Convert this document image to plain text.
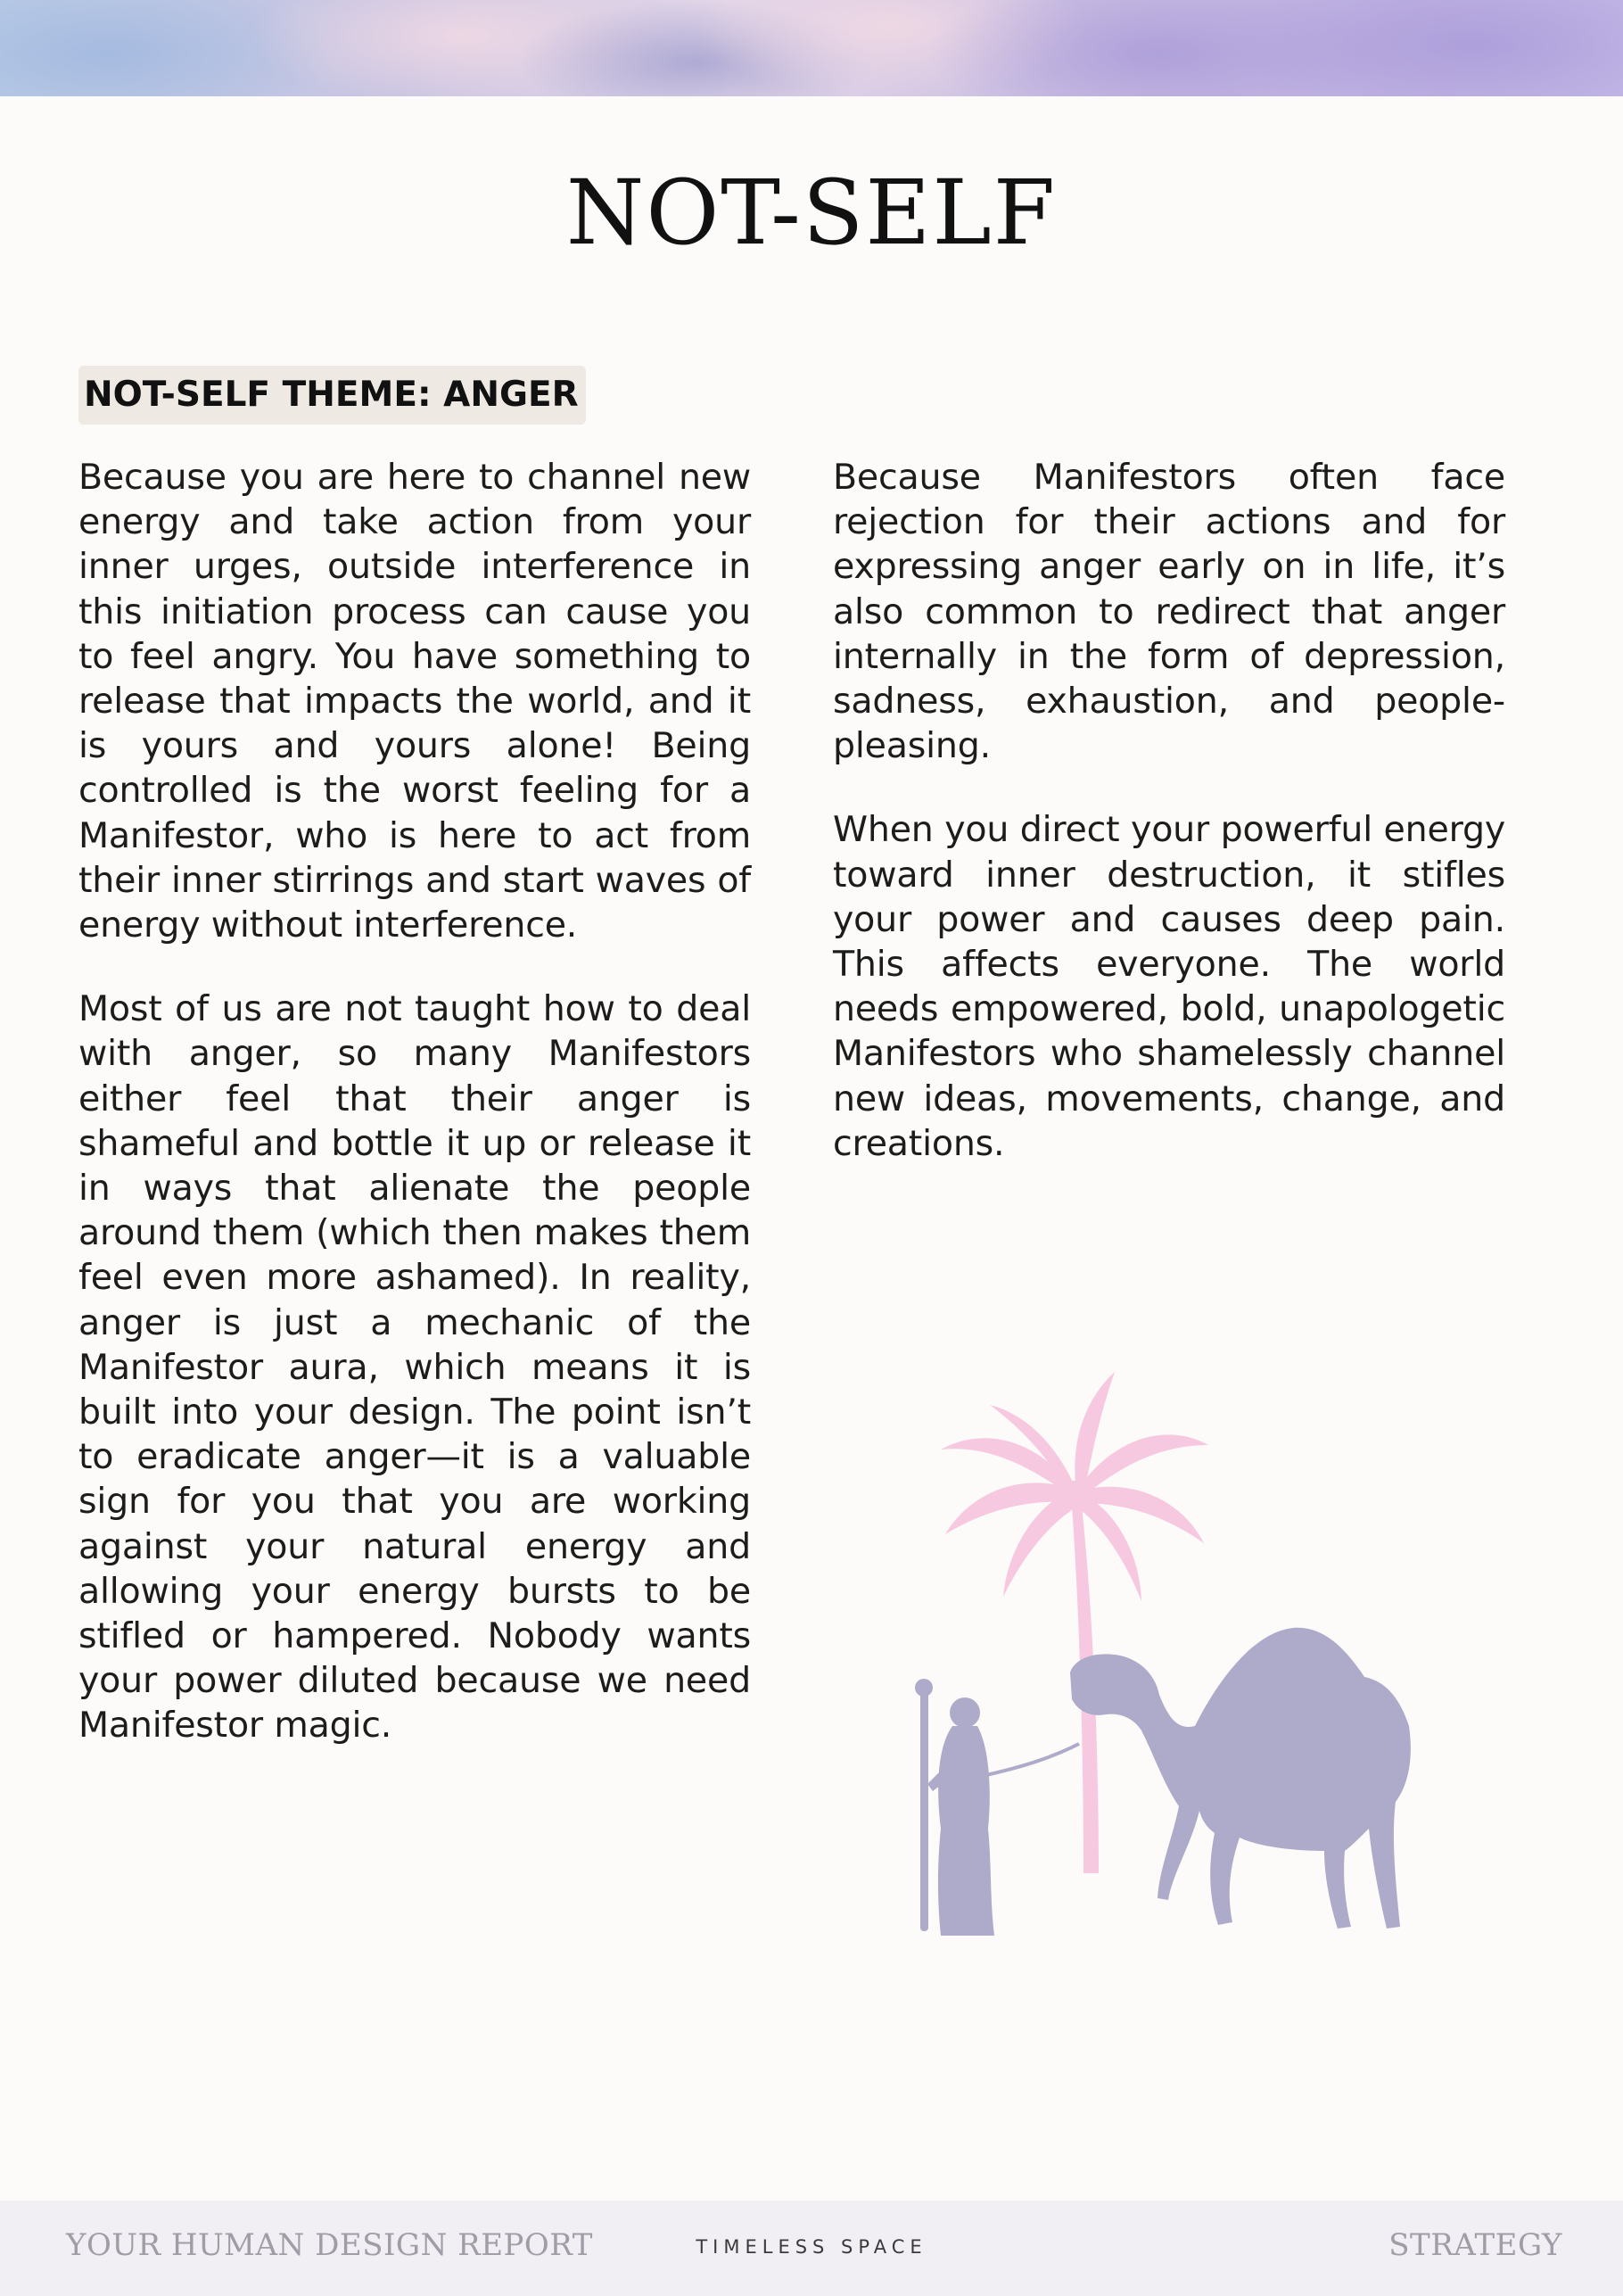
NOT-SELF
NOT-SELF THEME: ANGER

Because you are here to channel new energy and take action from your inner urges, outside interference in this initiation process can cause you to feel angry. You have something to release that impacts the world, and it is yours and yours alone! Being controlled is the worst feeling for a Manifestor, who is here to act from their inner stirrings and start waves of energy without interference.

Most of us are not taught how to deal with anger, so many Manifestors either feel that their anger is shameful and bottle it up or release it in ways that alienate the people around them (which then makes them feel even more ashamed). In reality, anger is just a mechanic of the Manifestor aura, which means it is built into your design. The point isn’t to eradicate anger—it is a valuable sign for you that you are working against your natural energy and allowing your energy bursts to be stifled or hampered. Nobody wants your power diluted because we need Manifestor magic.

Because Manifestors often face rejection for their actions and for expressing anger early on in life, it’s also common to redirect that anger internally in the form of depression, sadness, exhaustion, and people-pleasing.

When you direct your powerful energy toward inner destruction, it stifles your power and causes deep pain. This affects everyone. The world needs empowered, bold, unapologetic Manifestors who shamelessly channel new ideas, movements, change, and creations.

YOUR HUMAN DESIGN REPORT	TIMELESS SPACE	STRATEGY
